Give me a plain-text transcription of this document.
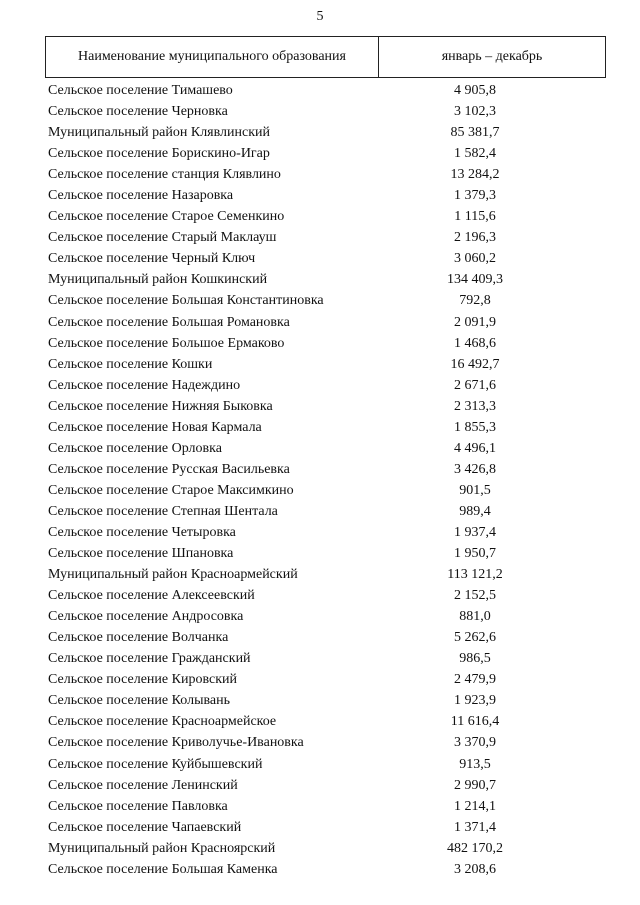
5
Наименование муниципального образования	январь – декабрь
Сельское поселение Тимашево	4 905,8
Сельское поселение Черновка	3 102,3
Муниципальный район Клявлинский	85 381,7
Сельское поселение Борискино-Игар	1 582,4
Сельское поселение станция Клявлино	13 284,2
Сельское поселение Назаровка	1 379,3
Сельское поселение Старое Семенкино	1 115,6
Сельское поселение Старый Маклауш	2 196,3
Сельское поселение Черный Ключ	3 060,2
Муниципальный район Кошкинский	134 409,3
Сельское поселение Большая Константиновка	792,8
Сельское поселение Большая Романовка	2 091,9
Сельское поселение Большое Ермаково	1 468,6
Сельское поселение Кошки	16 492,7
Сельское поселение Надеждино	2 671,6
Сельское поселение Нижняя Быковка	2 313,3
Сельское поселение Новая Кармала	1 855,3
Сельское поселение Орловка	4 496,1
Сельское поселение Русская Васильевка	3 426,8
Сельское поселение Старое Максимкино	901,5
Сельское поселение Степная Шентала	989,4
Сельское поселение Четыровка	1 937,4
Сельское поселение Шпановка	1 950,7
Муниципальный район Красноармейский	113 121,2
Сельское поселение Алексеевский	2 152,5
Сельское поселение Андросовка	881,0
Сельское поселение Волчанка	5 262,6
Сельское поселение Гражданский	986,5
Сельское поселение Кировский	2 479,9
Сельское поселение Колывань	1 923,9
Сельское поселение Красноармейское	11 616,4
Сельское поселение Криволучье-Ивановка	3 370,9
Сельское поселение Куйбышевский	913,5
Сельское поселение Ленинский	2 990,7
Сельское поселение Павловка	1 214,1
Сельское поселение Чапаевский	1 371,4
Муниципальный район Красноярский	482 170,2
Сельское поселение Большая Каменка	3 208,6
